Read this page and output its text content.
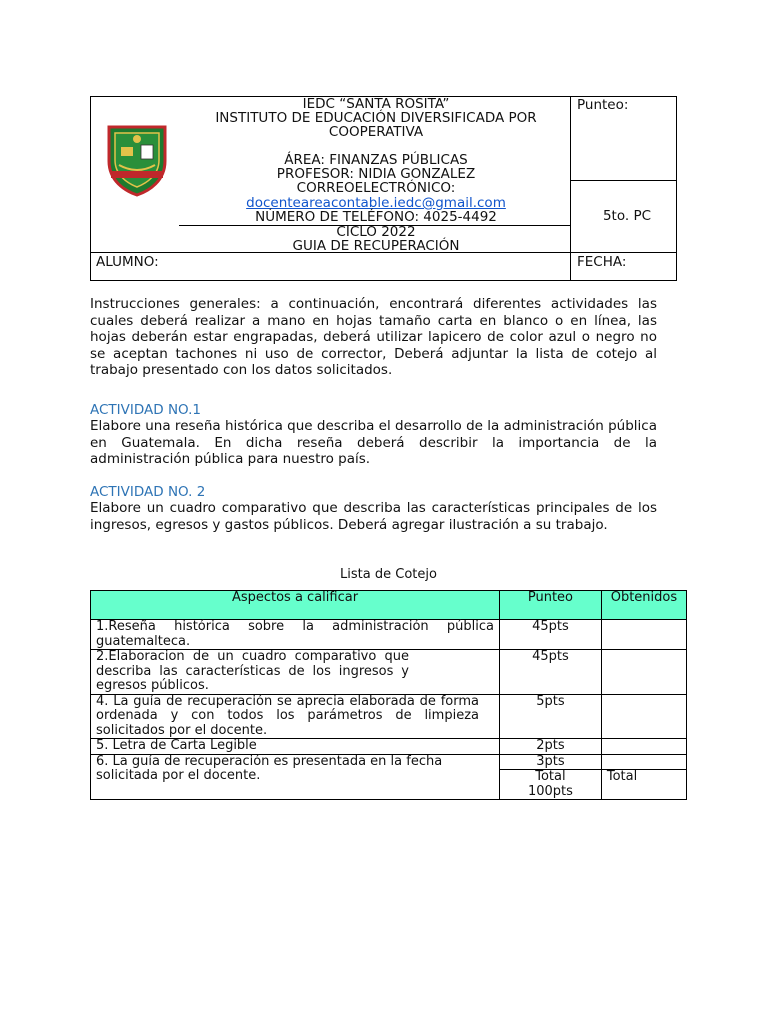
IEDC “SANTA ROSITA”
INSTITUTO DE EDUCACIÓN DIVERSIFICADA POR
COOPERATIVA
ÁREA: FINANZAS PÚBLICAS
PROFESOR: NIDIA GONZALEZ
CORREOELECTRÓNICO:
docenteareacontable.iedc@gmail.com
NÚMERO DE TELÉFONO: 4025-4492
CICLO 2022
GUIA DE RECUPERACIÓN
Punteo:
5to. PC
ALUMNO:	FECHA:
Instrucciones generales: a continuación, encontrará diferentes actividades las cuales deberá realizar a mano en hojas tamaño carta en blanco o en línea, las hojas deberán estar engrapadas, deberá utilizar lapicero de color azul o negro no se aceptan tachones ni uso de corrector, Deberá adjuntar la lista de cotejo al trabajo presentado con los datos solicitados.
ACTIVIDAD NO.1
Elabore una reseña histórica que describa el desarrollo de la administración pública en Guatemala. En dicha reseña deberá describir la importancia de la administración pública para nuestro país.
ACTIVIDAD NO. 2
Elabore un cuadro comparativo que describa las características principales de los ingresos, egresos y gastos públicos. Deberá agregar ilustración a su trabajo.
Lista de Cotejo
Aspectos a calificar	Punteo	Obtenidos
1.Reseña histórica sobre la administración pública guatemalteca.	45pts	
2.Elaboracion de un cuadro comparativo que describa las características de los ingresos y egresos públicos.	45pts	
4. La guía de recuperación se aprecia elaborada de forma ordenada y con todos los parámetros de limpieza solicitados por el docente.	5pts	
5. Letra de Carta Legible	2pts	
6. La guía de recuperación es presentada en la fecha solicitada por el docente.	3pts	
	Total 100pts	Total
